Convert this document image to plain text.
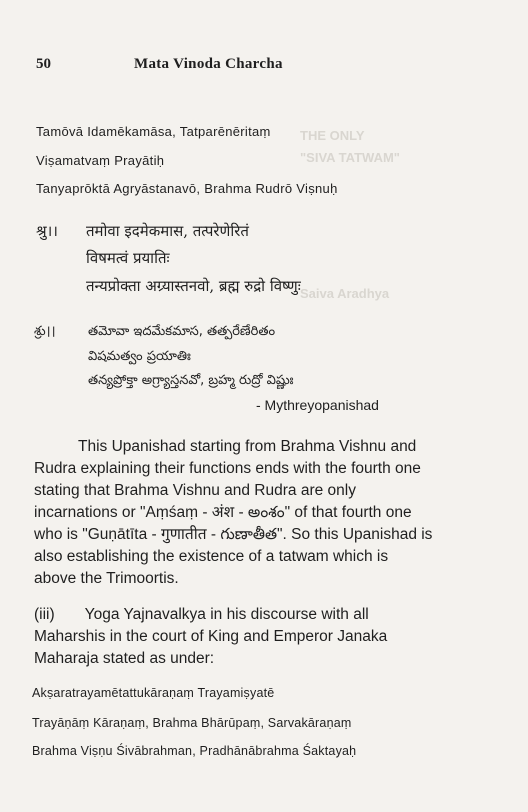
THE ONLY
"SIVA TATWAM"
Saiva Aradhya
50	Mata Vinoda Charcha
Tamōvā Idamēkamāsa, Tatparēnēritaṃ
Viṣamatvaṃ Prayātiḥ
Tanyaprōktā Agryāstanavō, Brahma Rudrō Viṣnuḥ
श्रु।। तमोवा इदमेकमास, तत्परेणेरितं
विषमत्वं प्रयातिः
तन्यप्रोक्ता अग्र्यास्तनवो, ब्रह्म रुद्रो विष्णुः
శ్రు।। తమోవా ఇదమేకమాస, తత్పరేణేరితం
విషమత్వం ప్రయాతిః
తన్యప్రోక్తా అగ్ర్యాస్తనవో, బ్రహ్మ రుద్రో విష్ణుః
- Mythreyopanishad
This Upanishad starting from Brahma Vishnu and
Rudra explaining their functions ends with the fourth one
stating that Brahma Vishnu and Rudra are only
incarnations or "Aṃśaṃ - अंश - అంశం" of that fourth one
who is "Guṇātīta - गुणातीत - గుణాతీత". So this Upanishad is
also establishing the existence of a tatwam which is
above the Trimoortis.
(iii) Yoga Yajnavalkya in his discourse with all
Maharshis in the court of King and Emperor Janaka
Maharaja stated as under:
Akṣaratrayamētattukāraṇaṃ Trayamiṣyatē
Trayāṇāṃ Kāraṇaṃ, Brahma Bhārūpaṃ, Sarvakāraṇaṃ
Brahma Viṣṇu Śivābrahman, Pradhānābrahma Śaktayaḥ
